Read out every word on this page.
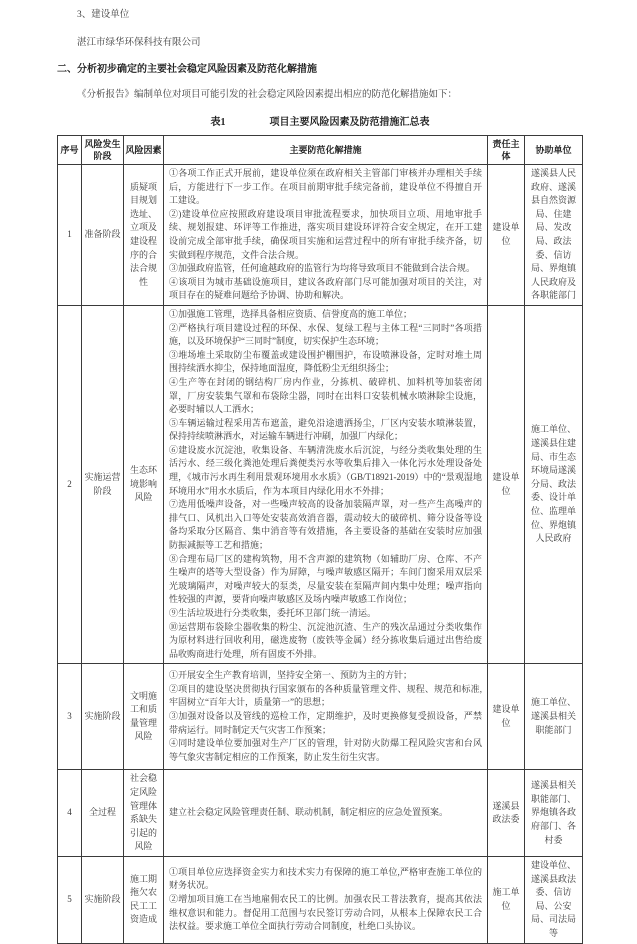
3、建设单位

湛江市绿华环保科技有限公司

二、分析初步确定的主要社会稳定风险因素及防范化解措施

《分析报告》编制单位对项目可能引发的社会稳定风险因素提出相应的防范化解措施如下：

表1	项目主要风险因素及防范措施汇总表
序号	风险发生阶段	风险因素	主要防范化解措施	责任主体	协助单位
1	准备阶段	质疑项目规划选址、立项及建设程序的合法合规性	①各项工作正式开展前，建设单位须在政府相关主管部门审核并办理相关手续后，方能进行下一步工作。在项目前期审批手续完备前，建设单位不得擅自开工建设。

②)建设单位应按照政府建设项目审批流程要求，加快项目立项、用地审批手续、规划报建、环评等工作推进，落实项目建设环评符合安全规定，在开工建设前完成全部审批手续，确保项目实施和运营过程中的所有审批手续齐备，切实做到程序规范，文件合法合规。

③加强政府监管，任何逾越政府的监管行为均将导致项目不能做到合法合规。

④该项目为城市基础设施项目，建议各政府部门尽可能加强对项目的关注，对项目存在的疑难问题给予协调、协助和解决。	建设单位	遂溪县人民政府、遂溪县自然资源局、住建局、发改局、政法委、信访局、界炮镇人民政府及各职能部门
2	实施运营阶段	生态环境影响风险	

①加强施工管理，选择具备相应资质、信誉度高的施工单位；

②严格执行项目建设过程的环保、水保、复绿工程与主体工程“三同时”各项措施，以及环境保护“三同时”制度，切实保护生态环境；

③堆场堆土采取防尘布覆盖或建设围护棚围护，布设喷淋设备，定时对堆土周围持续洒水抑尘，保持地面湿度，降低粉尘无组织扬尘；

④生产等在封闭的钢结构厂房内作业，分拣机、破碎机、加料机等加装密闭罩，厂房安装集气罩和布袋除尘器，同时在出料口安装机械水喷淋除尘设施，必要时辅以人工洒水；

⑤车辆运输过程采用苫布遮盖，避免沿途遗洒扬尘，厂区内安装水喷淋装置，保持持续喷淋洒水，对运输车辆进行冲刷，加强厂内绿化；

⑥建设废水沉淀池，收集设备、车辆清洗废水后沉淀，与经分类收集处理的生活污水、经三级化粪池处理后粪便类污水等收集后排入一体化污水处理设备处理，《城市污水再生利用景观环境用水水质》（GB/T18921-2019）中的“景观湿地环境用水”用水水质后，作为本项目内绿化用水不外排；

⑦选用低噪声设备，对一些噪声较高的设备加装隔声罩，对一些产生高噪声的排气口、风机出入口等处安装高效消音器，震动较大的破碎机、筛分设备等设备均采取分区隔音、集中消音等有效措施，各主要设备的基础在安装时应加强防振减振等工艺和措施；

⑧合理布局厂区的建构筑物，用不含声源的建筑物（如辅助厂房、仓库、不产生噪声的塔等大型设备）作为屏障，与噪声敏感区隔开；车间门窗采用双层采光玻璃隔声，对噪声较大的泵类，尽量安装在泵隔声间内集中处理；噪声指向性较强的声源，要背向噪声敏感区及场内噪声敏感工作岗位；

⑨生活垃圾进行分类收集，委托环卫部门统一清运。

⑩运营期布袋除尘器收集的粉尘、沉淀池沉渣、生产的残次品通过分类收集作为原材料进行回收利用，磁选废物（废铁等金属）经分拣收集后通过出售给废品收购商进行处理，所有固废不外排。

	建设单位	施工单位、遂溪县住建局、市生态环境局遂溪分局、政法委、设计单位、监理单位、界炮镇人民政府
3	实施阶段	文明施工和质量管理风险	①开展安全生产教育培训，坚持安全第一、预防为主的方针；

②项目的建设坚决贯彻执行国家颁布的各种质量管理文件、规程、规范和标准,牢固树立“百年大计，质量第一”的思想；

③加强对设备以及管线的巡检工作，定期维护，及时更换修复受损设备，严禁带病运行。同时制定天气灾害工作预案；

④同时建设单位要加强对生产厂区的管理，针对防火防爆工程风险灾害和台风等气象灾害制定相应的工作预案，防止发生衍生灾害。	建设单位	施工单位、遂溪县相关职能部门
4	全过程	社会稳定风险管理体系缺失引起的风险	建立社会稳定风险管理责任制、联动机制，制定相应的应急处置预案。	遂溪县政法委	遂溪县相关职能部门、界炮镇各政府部门、各村委
5	实施阶段	施工期拖欠农民工工资造成	①项目单位应选择资金实力和技术实力有保障的施工单位,严格审查施工单位的财务状况。

②增加项目施工在当地雇佣农民工的比例。加强农民工普法教育，提高其依法维权意识和能力。督促用工范围与农民签订劳动合同，从根本上保障农民工合法权益。要求施工单位全面执行劳动合同制度，杜绝口头协议。	施工单位	建设单位、遂溪县政法委、信访局、公安局、司法局等
